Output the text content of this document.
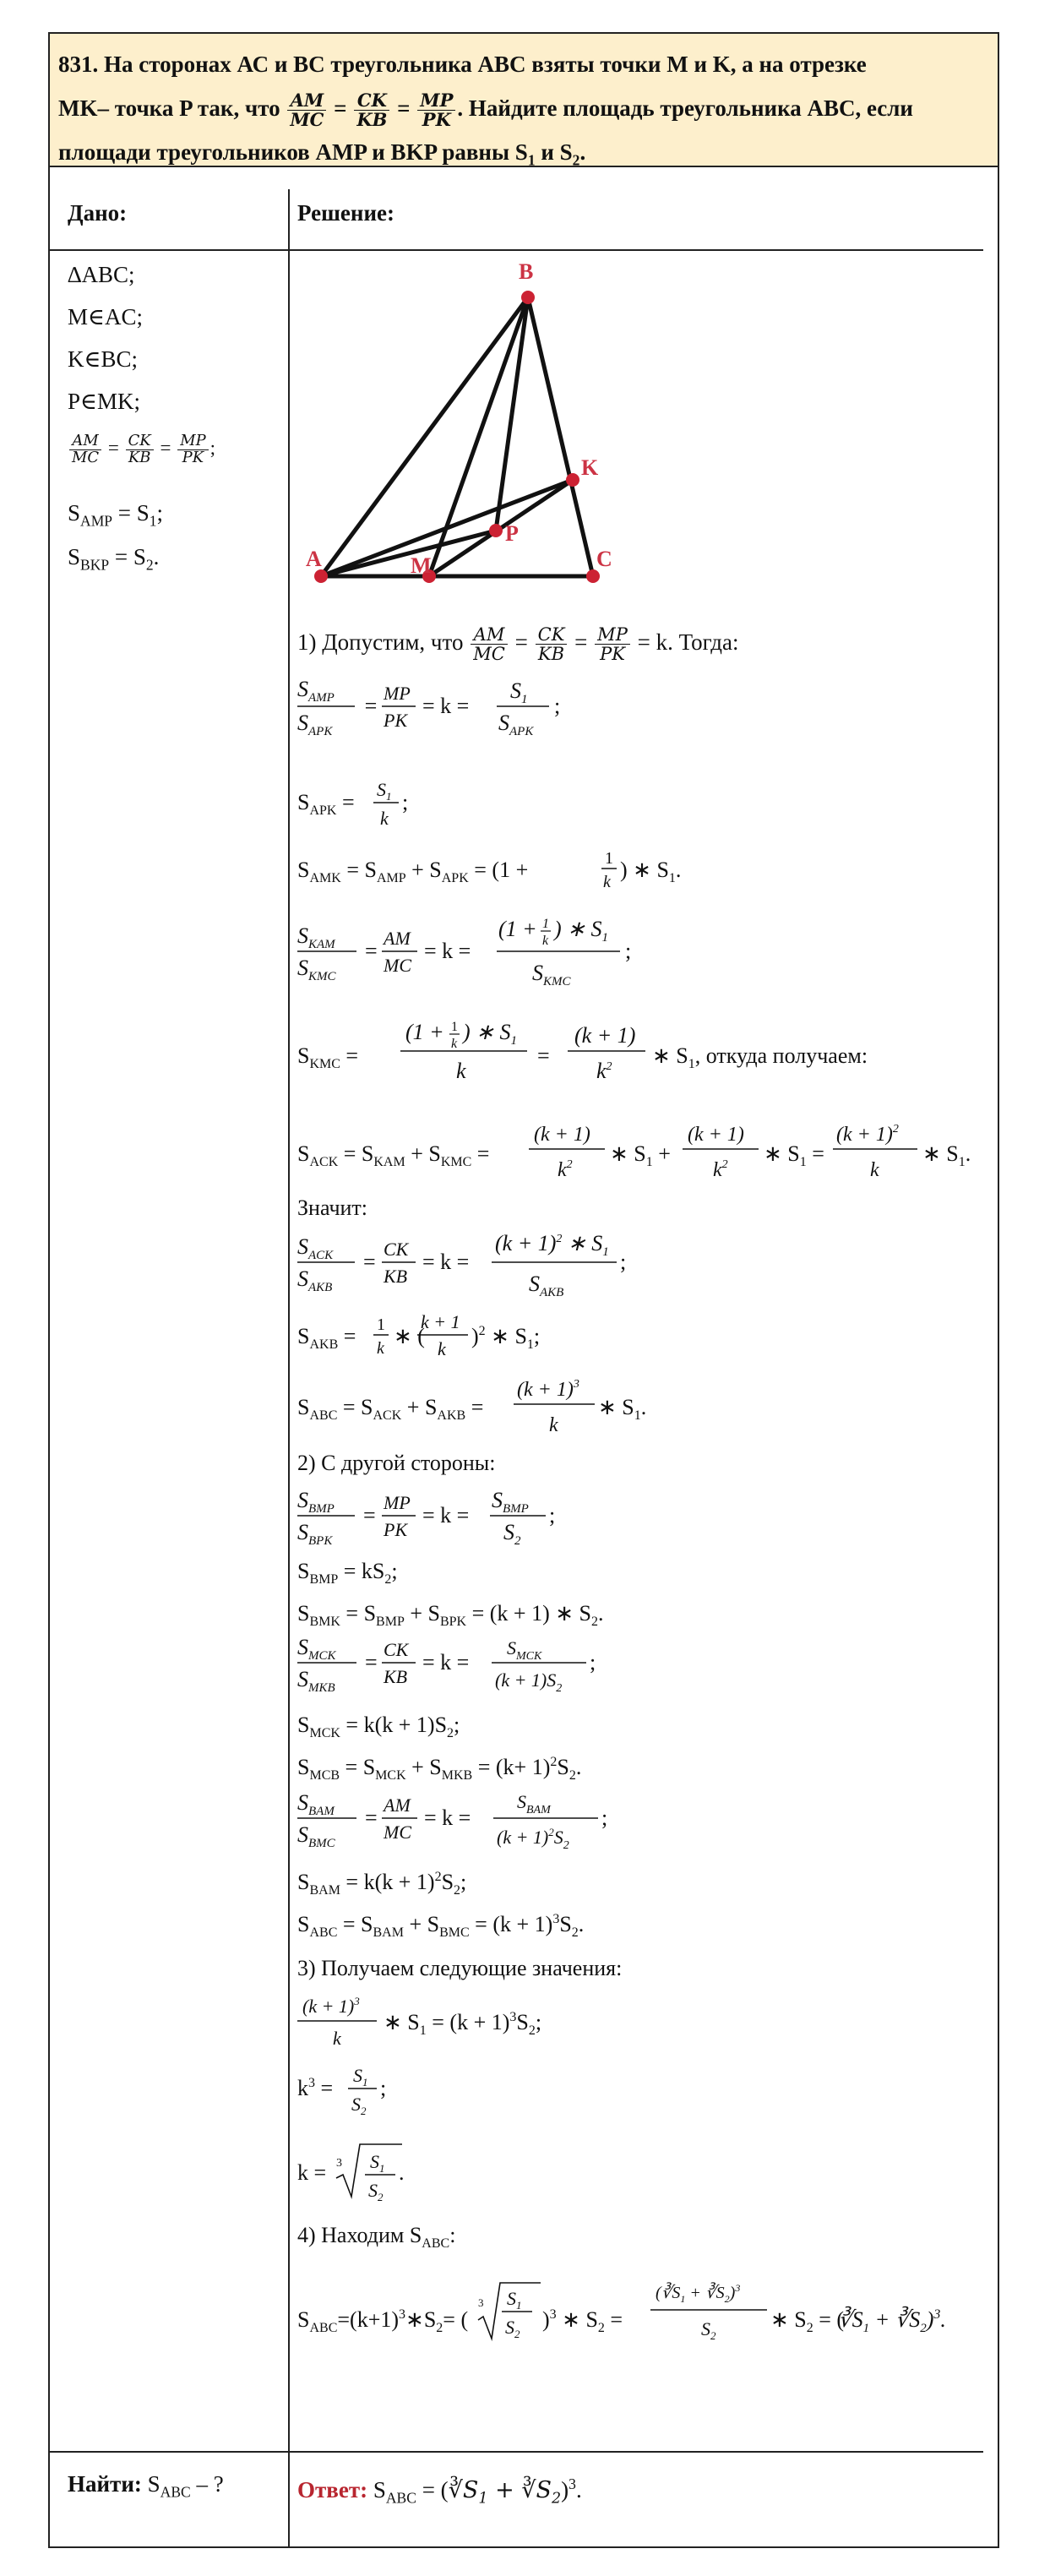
831. На сторонах АС и ВС треугольника АВС взяты точки M и K, а на отрезке
MK– точка P так, что $\frac{AM}{MC} = \frac{CK}{KB} = \frac{MP}{PK}$ . Найдите площадь треугольника АВС, если
площади треугольников AMP и BKP равны $S_1$ и $S_2$.
Дано:	Решение:
∆ABC;
M∈AC;
K∈BC;
P∈MK;
$\frac{AM}{MC} = \frac{CK}{KB} = \frac{MP}{PK}$ ;
$S_{AMP} = S_1$;
$S_{BKP} = S_2$.	A
B
C
M
K
P
1) Допустим, что $\frac{AM}{MC} = \frac{CK}{KB} = \frac{MP}{PK} = k$. Тогда:
$S_{AMP}$
$S_{APK}$
=
MP
PK
= k =
$S_1$
$S_{APK}$
;
$S_{APK}$ =
$S_1$
k
;
$S_{AMK} = S_{AMP} + S_{APK} = (1$ +	1
k ) ∗ $S_1$.
$S_{KAM}$
$S_{KMC}$
=
AM
MC
= k =
(1 + 1
k ) ∗ $S_1$
$S_{KMC}$
;
$S_{KMC}$ =
(1 + 1
k ) ∗ $S_1$
k
=
(k + 1)
$k^2$ ∗ $S_1$, откуда получаем:
$S_{ACK} = S_{KAM} + S_{KMC}$ =
(k + 1)
$k^2$ ∗ $S_1$ +
(k + 1)
$k^2$ ∗ $S_1$ =
$(k + 1)^2$
k
∗ $S_1$.
Значит:
$S_{ACK}$
$S_{AKB}$
=
CK
KB
= k =
$(k + 1)^2$ ∗ $S_1$
$S_{AKB}$
;
$S_{AKB} = 1$
k ∗ (
k + 1
k
)$^2$ ∗ $S_1$;
$S_{ABC} = S_{ACK} + S_{AKB}$ =
$(k + 1)^3$
k
∗ $S_1$.
2) С другой стороны:
$S_{BMP}$
$S_{BPK}$
=
MP
PK
= k =
$S_{BMP}$
$S_2$
;
$S_{BMP} = kS_2$;
$S_{BMK} = S_{BMP} + S_{BPK} = (k + 1)$ ∗ $S_2$.
$S_{MCK}$
$S_{MKB}$
=
CK
KB
= k =
$S_{MCK}$
$(k + 1)S_2$
;
$S_{MCK} = k(k + 1)S_2$;
$S_{MCB} = S_{MCK} + S_{MKB} = (k+ 1)^2S_2$.
$S_{BAM}$
$S_{BMC}$
=
AM
MC
= k =
$S_{BAM}$
$(k + 1)^2S_2$
;
$S_{BAM} = k(k + 1)^2S_2$;
$S_{ABC} = S_{BAM} + S_{BMC} = (k + 1)^3S_2$.
3) Получаем следующие значения:
$(k + 1)^3$
k
∗ $S_1 = (k + 1)^3S_2$;
$k^3$ =
$S_1$
$S_2$
;
k = 3 $S_1$
$S_2$
.
4) Находим $S_{ABC}$:
$S_{ABC}=(k+1)^3∗S_2=$ (
3 $S_1$
$S_2$
)$^3$ ∗ $S_2$ =
($∛S_1$ + $∛S_2)^3$
$S_2$
∗ $S_2$ = (
$∛S_1$ + $∛S_2)^3$.
Найти: $S_{ABC}$ – ?	Ответ: $S_{ABC}$ = ($∛S_1$ + $∛S_2)^3$.
